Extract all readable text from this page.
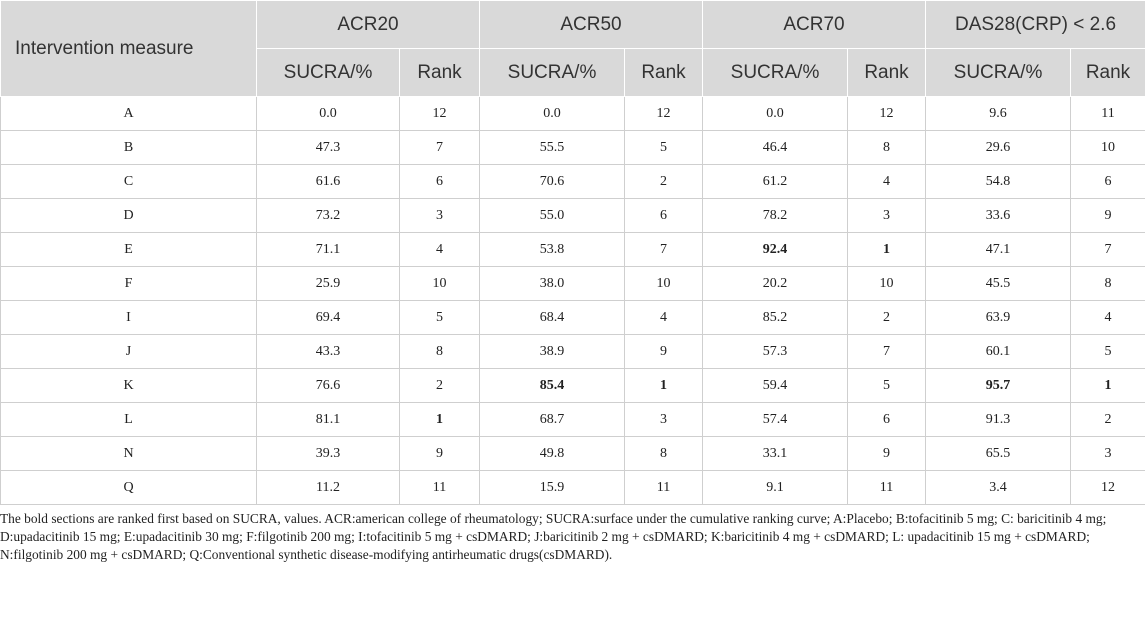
Intervention measure	ACR20		ACR50		ACR70		DAS28(CRP) < 2.6	
	SUCRA/%	Rank	SUCRA/%	Rank	SUCRA/%	Rank	SUCRA/%	Rank
A	0.0	12	0.0	12	0.0	12	9.6	11
B	47.3	7	55.5	5	46.4	8	29.6	10
C	61.6	6	70.6	2	61.2	4	54.8	6
D	73.2	3	55.0	6	78.2	3	33.6	9
E	71.1	4	53.8	7	92.4	1	47.1	7
F	25.9	10	38.0	10	20.2	10	45.5	8
I	69.4	5	68.4	4	85.2	2	63.9	4
J	43.3	8	38.9	9	57.3	7	60.1	5
K	76.6	2	85.4	1	59.4	5	95.7	1
L	81.1	1	68.7	3	57.4	6	91.3	2
N	39.3	9	49.8	8	33.1	9	65.5	3
Q	11.2	11	15.9	11	9.1	11	3.4	12

The bold sections are ranked first based on SUCRA, values. ACR:american college of rheumatology; SUCRA:surface under the cumulative ranking curve; A:Placebo; B:tofacitinib 5 mg; C: baricitinib 4 mg; D:upadacitinib 15 mg; E:upadacitinib 30 mg; F:filgotinib 200 mg; I:tofacitinib 5 mg + csDMARD; J:baricitinib 2 mg + csDMARD; K:baricitinib 4 mg + csDMARD; L: upadacitinib 15 mg + csDMARD; N:filgotinib 200 mg + csDMARD; Q:Conventional synthetic disease-modifying antirheumatic drugs(csDMARD).
